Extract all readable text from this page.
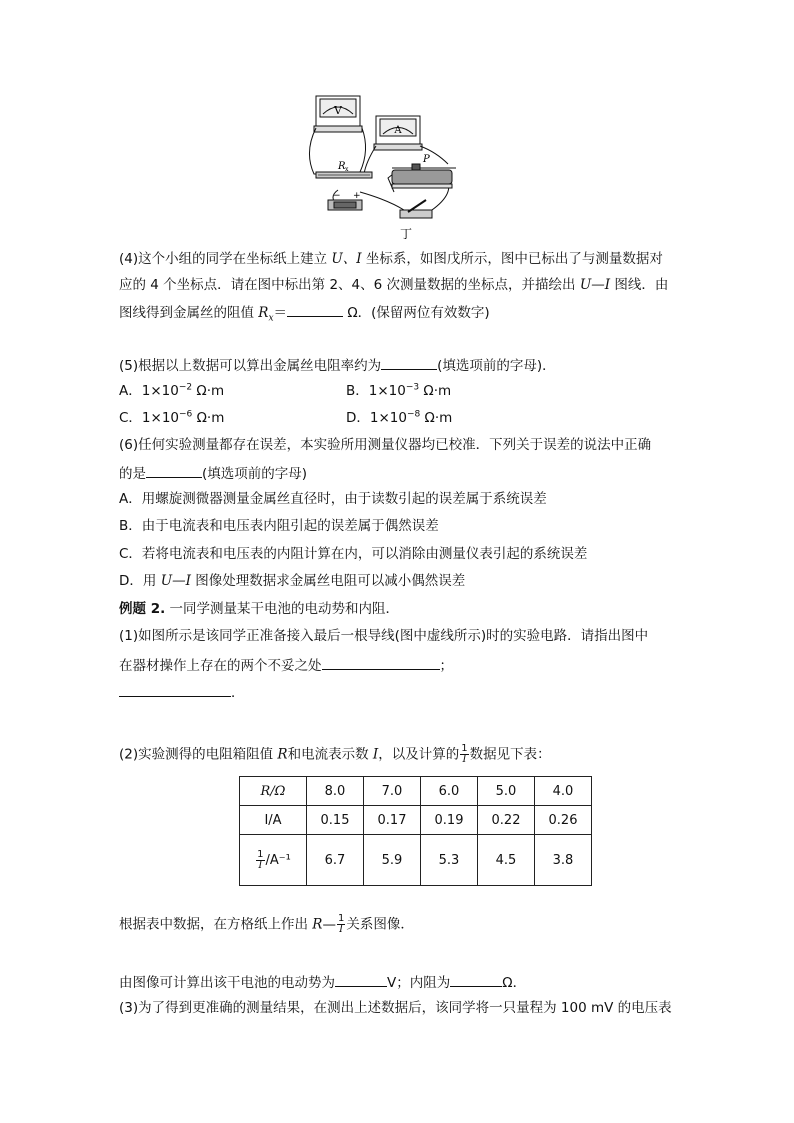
V
A
R x
P
− +
丁
(4)这个小组的同学在坐标纸上建立 U、I 坐标系，如图戊所示，图中已标出了与测量数据对
应的 4 个坐标点．请在图中标出第 2、4、6 次测量数据的坐标点，并描绘出 U—I 图线．由
图线得到金属丝的阻值 $R_x=$	Ω．(保留两位有效数字)
(5)根据以上数据可以算出金属丝电阻率约为	(填选项前的字母)．
A．$1\times 10^{-2}$ Ω·m	B．$1\times 10^{-3}$ Ω·m
C．$1\times 10^{-6}$ Ω·m	D．$1\times 10^{-8}$ Ω·m
(6)任何实验测量都存在误差，本实验所用测量仪器均已校准．下列关于误差的说法中正确
的是	(填选项前的字母)
A．用螺旋测微器测量金属丝直径时，由于读数引起的误差属于系统误差
B．由于电流表和电压表内阻引起的误差属于偶然误差
C．若将电流表和电压表的内阻计算在内，可以消除由测量仪表引起的系统误差
D．用 U—I 图像处理数据求金属丝电阻可以减小偶然误差
例题 2. 一同学测量某干电池的电动势和内阻．
(1)如图所示是该同学正准备接入最后一根导线(图中虚线所示)时的实验电路．请指出图中
在器材操作上存在的两个不妥之处	；
．
(2)实验测得的电阻箱阻值 R和电流表示数 I，以及计算的 $\frac{1}{I}$ 数据见下表：
R/Ω	8.0	7.0	6.0	5.0	4.0
I/A	0.15	0.17	0.19	0.22	0.26

$\frac{1}{I} /A^{-1}$	6.7	5.9	5.3	4.5	3.8
根据表中数据，在方格纸上作出 R— $\frac{1}{I}$ 关系图像．
由图像可计算出该干电池的电动势为	V；内阻为	Ω．
(3)为了得到更准确的测量结果，在测出上述数据后，该同学将一只量程为 100 mV 的电压表
